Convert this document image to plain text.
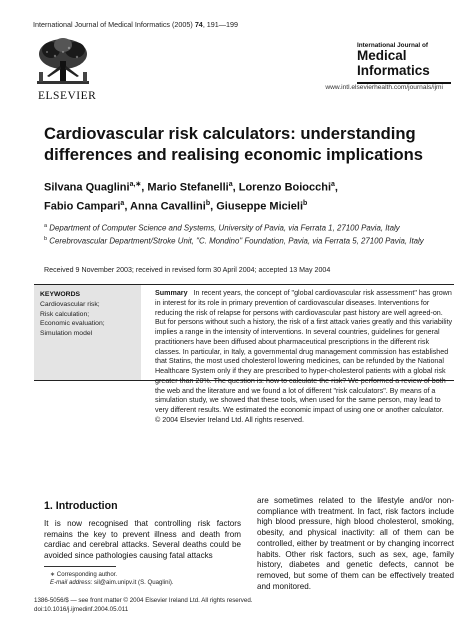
International Journal of Medical Informatics (2005) 74, 191—199
ELSEVIER
International Journal of
Medical
Informatics
www.intl.elsevierhealth.com/journals/ijmi
Cardiovascular risk calculators: understanding differences and realising economic implications
Silvana Quaglini$^{a,∗}$, Mario Stefanelli$^a$, Lorenzo Boiocchi$^a$,
Fabio Campari$^a$, Anna Cavallini$^b$, Giuseppe Micieli$^b$
$^a$ Department of Computer Science and Systems, University of Pavia, via Ferrata 1, 27100 Pavia, Italy
$^b$ Cerebrovascular Department/Stroke Unit, "C. Mondino" Foundation, Pavia, via Ferrata 5, 27100 Pavia, Italy
Received 9 November 2003; received in revised form 30 April 2004; accepted 13 May 2004
KEYWORDS
Cardiovascular risk;
Risk calculation;
Economic evaluation;
Simulation model
Summary In recent years, the concept of "global cardiovascular risk assessment" has grown in interest for its role in primary prevention of cardiovascular diseases. Interventions for reducing the risk of relapse for persons with cardiovascular past history are well agreed-on. But for persons without such a history, the risk of a first attack varies greatly and this variability implies a range in the intensity of interventions. In several countries, guidelines for general practitioners have been diffused about pharmaceutical prescriptions in the different risk classes. In particular, in Italy, a governmental drug management commission has established that Statins, the most used cholesterol lowering medicines, can be refunded by the National Healthcare System only if they are prescribed to hyper-cholesterol patients with a global risk the web and the literature and we found a lot of different "risk calculators". By means of a simulation study, we showed that these tools, when used for the same person, may lead to very different results. We estimated the economic impact of using one or another calculator.
© 2004 Elsevier Ireland Ltd. All rights reserved.
1. Introduction
It is now recognised that controlling risk factors remains the key to prevent illness and death from cardiac and cerebral attacks. Several deaths could be avoided since pathologies causing fatal attacks
are sometimes related to the lifestyle and/or non-compliance with treatment. In fact, risk factors include high blood pressure, high blood cholesterol, smoking, obesity, and physical inactivity: all of them can be controlled, either by treatment or by changing incorrect habits. Other risk factors, such as sex, age, family history, diabetes and genetic defects, cannot be removed, but some of them can be effectively treated and monitored.
∗ Corresponding author.
E-mail address: sil@aim.unipv.it (S. Quaglini).
1386-5056/$ — see front matter © 2004 Elsevier Ireland Ltd. All rights reserved.
doi:10.1016/j.ijmedinf.2004.05.011
